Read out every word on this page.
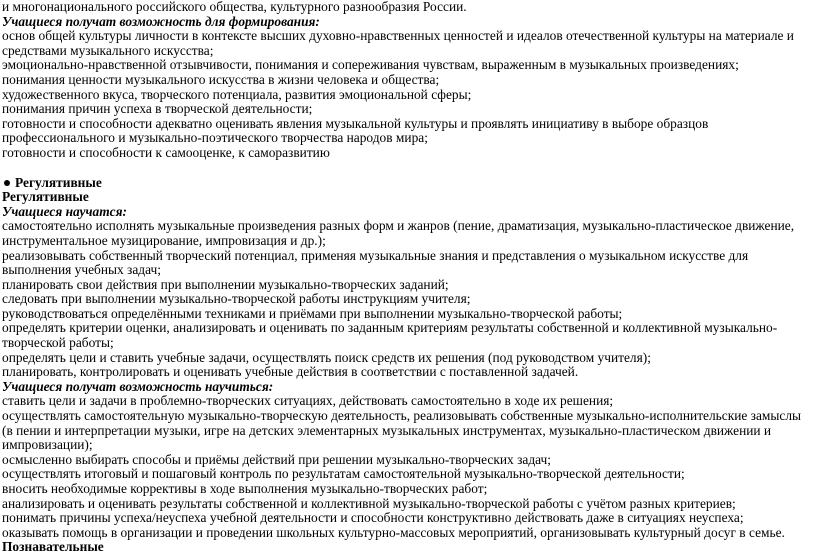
и многонационального российского общества, культурного разнообразия России.

Учащиеся получат возможность для формирования:

основ общей культуры личности в контексте высших духовно-нравственных ценностей и идеалов отечественной культуры на материале и средствами музыкального искусства;

эмоционально-нравственной отзывчивости, понимания и сопереживания чувствам, выраженным в музыкальных произведениях;

понимания ценности музыкального искусства в жизни человека и общества;

художественного вкуса, творческого потенциала, развития эмоциональной сферы;

понимания причин успеха в творческой деятельности;

готовности и способности адекватно оценивать явления музыкальной культуры и проявлять инициативу в выборе образцов профессионального и музыкально-поэтического творчества народов мира;

готовности и способности к самооценке, к саморазвитию

Регулятивные

Регулятивные

Учащиеся научатся:

самостоятельно исполнять музыкальные произведения разных форм и жанров (пение, драматизация, музыкально-пластическое движение, инструментальное музицирование, импровизация и др.);

реализовывать собственный творческий потенциал, применяя музыкальные знания и представления о музыкальном искусстве для выполнения учебных задач;

планировать свои действия при выполнении музыкально-творческих заданий;

следовать при выполнении музыкально-творческой работы инструкциям учителя;

руководствоваться определёнными техниками и приёмами при выполнении музыкально-творческой работы;

определять критерии оценки, анализировать и оценивать по заданным критериям результаты собственной и коллективной музыкально-творческой работы;

определять цели и ставить учебные задачи, осуществлять поиск средств их решения (под руководством учителя);

планировать, контролировать и оценивать учебные действия в соответствии с поставленной задачей.

Учащиеся получат возможность научиться:

ставить цели и задачи в проблемно-творческих ситуациях, действовать самостоятельно в ходе их решения;

осуществлять самостоятельную музыкально-творческую деятельность, реализовывать собственные музыкально-исполнительские замыслы (в пении и интерпретации музыки, игре на детских элементарных музыкальных инструментах, музыкально-пластическом движении и импровизации);

осмысленно выбирать способы и приёмы действий при решении музыкально-творческих задач;

осуществлять итоговый и пошаговый контроль по результатам самостоятельной музыкально-творческой деятельности;

вносить необходимые коррективы в ходе выполнения музыкально-творческих работ;

анализировать и оценивать результаты собственной и коллективной музыкально-творческой работы с учётом разных критериев;

понимать причины успеха/неуспеха учебной деятельности и способности конструктивно действовать даже в ситуациях неуспеха;

оказывать помощь в организации и проведении школьных культурно-массовых мероприятий, организовывать культурный досуг в семье.

Познавательные
